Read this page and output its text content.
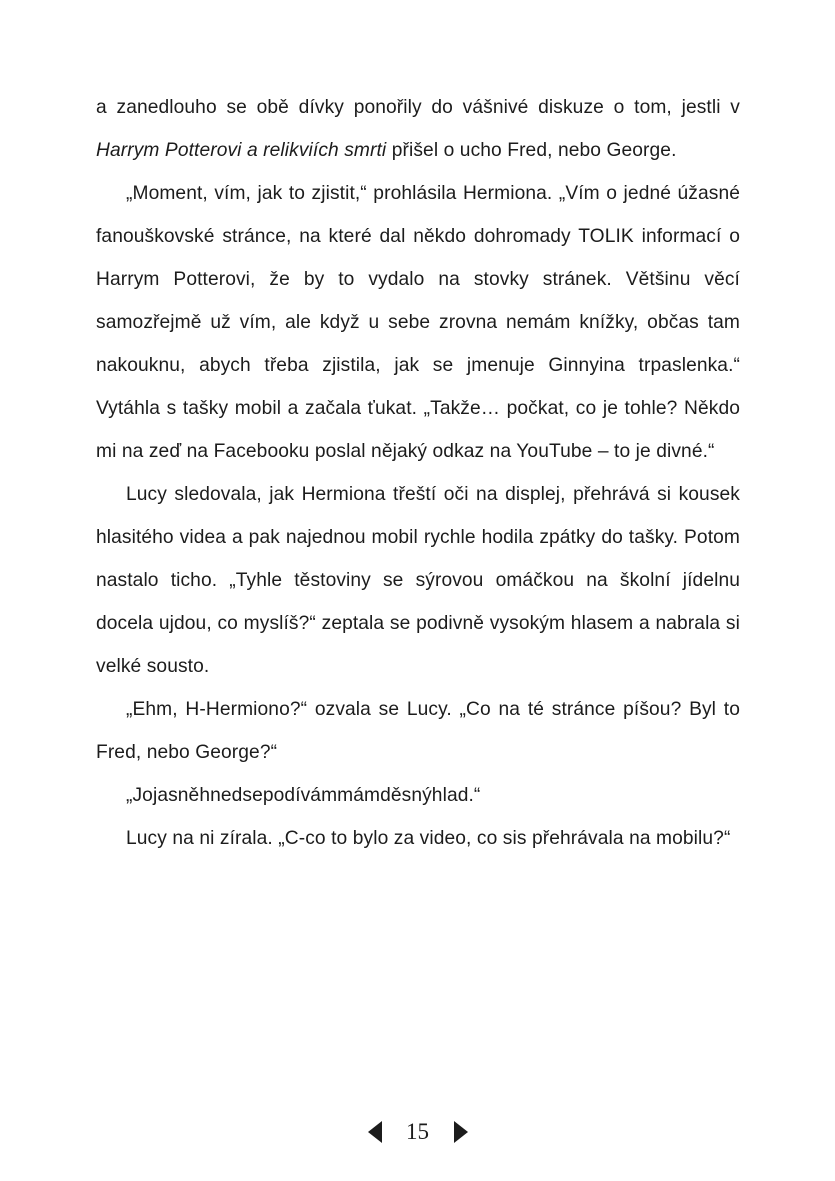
a zanedlouho se obě dívky ponořily do vášnivé diskuze o tom, jestli v Harrym Potterovi a relikviích smrti přišel o ucho Fred, nebo George.

„Moment, vím, jak to zjistit,“ prohlásila Hermiona. „Vím o jedné úžasné fanouškovské stránce, na které dal někdo dohromady TOLIK informací o Harrym Potterovi, že by to vydalo na stovky stránek. Většinu věcí samozřejmě už vím, ale když u sebe zrovna nemám knížky, občas tam nakouknu, abych třeba zjistila, jak se jmenuje Ginnyina trpaslenka.“ Vytáhla s tašky mobil a začala ťukat. „Takže… počkat, co je tohle? Někdo mi na zeď na Facebooku poslal nějaký odkaz na YouTube – to je divné.“

Lucy sledovala, jak Hermiona třeští oči na displej, přehrává si kousek hlasitého videa a pak najednou mobil rychle hodila zpátky do tašky. Potom nastalo ticho. „Tyhle těstoviny se sýrovou omáčkou na školní jídelnu docela ujdou, co myslíš?“ zeptala se podivně vysokým hlasem a nabrala si velké sousto.

„Ehm, H-Hermiono?“ ozvala se Lucy. „Co na té stránce píšou? Byl to Fred, nebo George?“

„Jojasněhnedsepodívámmámděsnýhlad.“

Lucy na ni zírala. „C-co to bylo za video, co sis přehrávala na mobilu?“

15
